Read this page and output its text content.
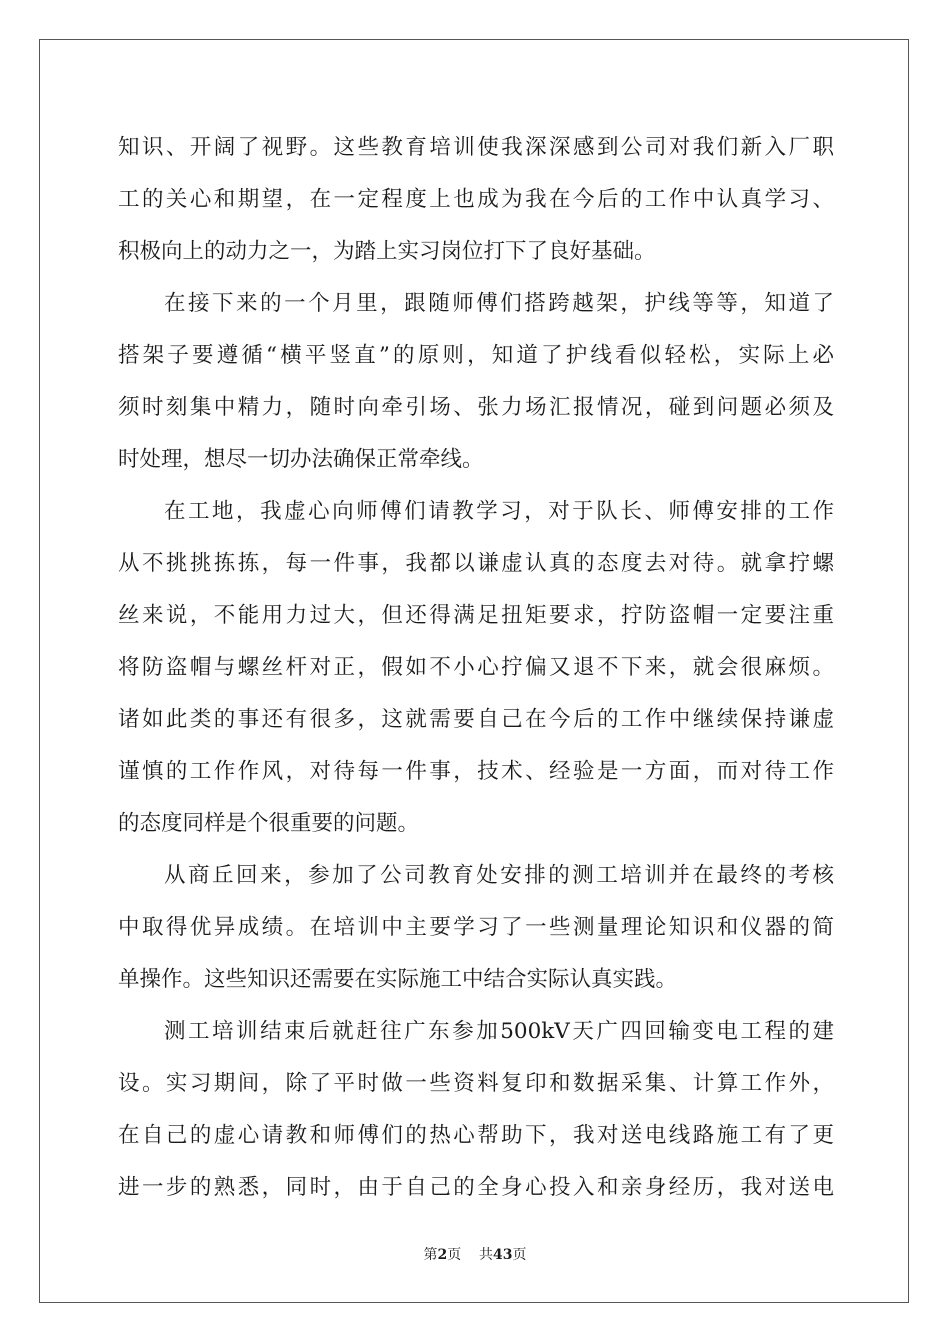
知识、开阔了视野。这些教育培训使我深深感到公司对我们新入厂职
工的关心和期望，在一定程度上也成为我在今后的工作中认真学习、
积极向上的动力之一，为踏上实习岗位打下了良好基础。
在接下来的一个月里，跟随师傅们搭跨越架，护线等等，知道了
搭架子要遵循“横平竖直”的原则，知道了护线看似轻松，实际上必
须时刻集中精力，随时向牵引场、张力场汇报情况，碰到问题必须及
时处理，想尽一切办法确保正常牵线。
在工地，我虚心向师傅们请教学习，对于队长、师傅安排的工作
从不挑挑拣拣，每一件事，我都以谦虚认真的态度去对待。就拿拧螺
丝来说，不能用力过大，但还得满足扭矩要求，拧防盗帽一定要注重
将防盗帽与螺丝杆对正，假如不小心拧偏又退不下来，就会很麻烦。
诸如此类的事还有很多，这就需要自己在今后的工作中继续保持谦虚
谨慎的工作作风，对待每一件事，技术、经验是一方面，而对待工作
的态度同样是个很重要的问题。
从商丘回来，参加了公司教育处安排的测工培训并在最终的考核
中取得优异成绩。在培训中主要学习了一些测量理论知识和仪器的简
单操作。这些知识还需要在实际施工中结合实际认真实践。
测工培训结束后就赶往广东参加500kV天广四回输变电工程的建
设。实习期间，除了平时做一些资料复印和数据采集、计算工作外，
在自己的虚心请教和师傅们的热心帮助下，我对送电线路施工有了更
进一步的熟悉，同时，由于自己的全身心投入和亲身经历，我对送电
第2页    共43页
